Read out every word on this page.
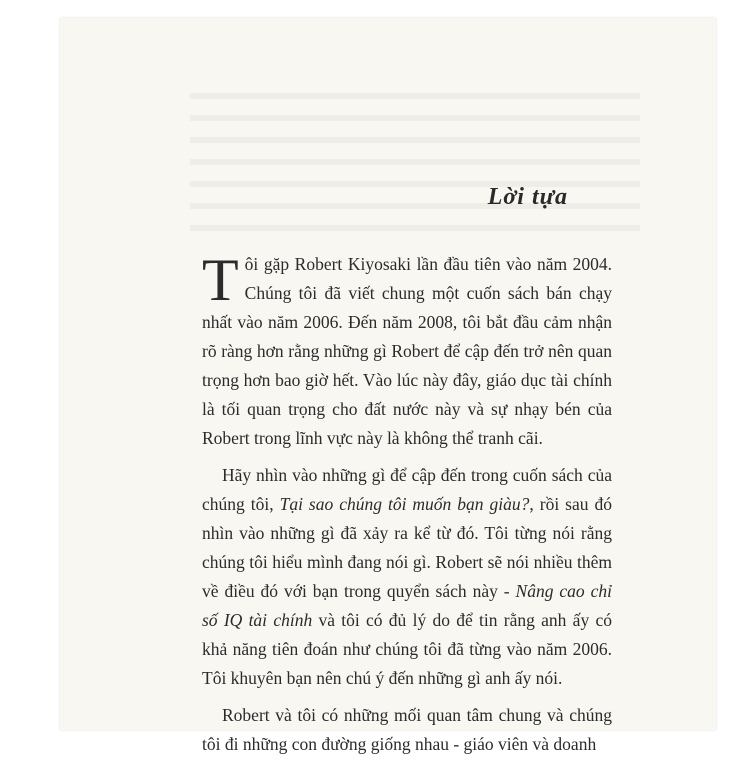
Lời tựa

Tôi gặp Robert Kiyosaki lần đầu tiên vào năm 2004. Chúng tôi đã viết chung một cuốn sách bán chạy nhất vào năm 2006. Đến năm 2008, tôi bắt đầu cảm nhận rõ ràng hơn rằng những gì Robert để cập đến trở nên quan trọng hơn bao giờ hết. Vào lúc này đây, giáo dục tài chính là tối quan trọng cho đất nước này và sự nhạy bén của Robert trong lĩnh vực này là không thể tranh cãi.

Hãy nhìn vào những gì để cập đến trong cuốn sách của chúng tôi, Tại sao chúng tôi muốn bạn giàu?, rồi sau đó nhìn vào những gì đã xảy ra kể từ đó. Tôi từng nói rằng chúng tôi hiểu mình đang nói gì. Robert sẽ nói nhiều thêm về điều đó với bạn trong quyển sách này - Nâng cao chỉ số IQ tài chính và tôi có đủ lý do để tin rằng anh ấy có khả năng tiên đoán như chúng tôi đã từng vào năm 2006. Tôi khuyên bạn nên chú ý đến những gì anh ấy nói.

Robert và tôi có những mối quan tâm chung và chúng tôi đi những con đường giống nhau - giáo viên và doanh
